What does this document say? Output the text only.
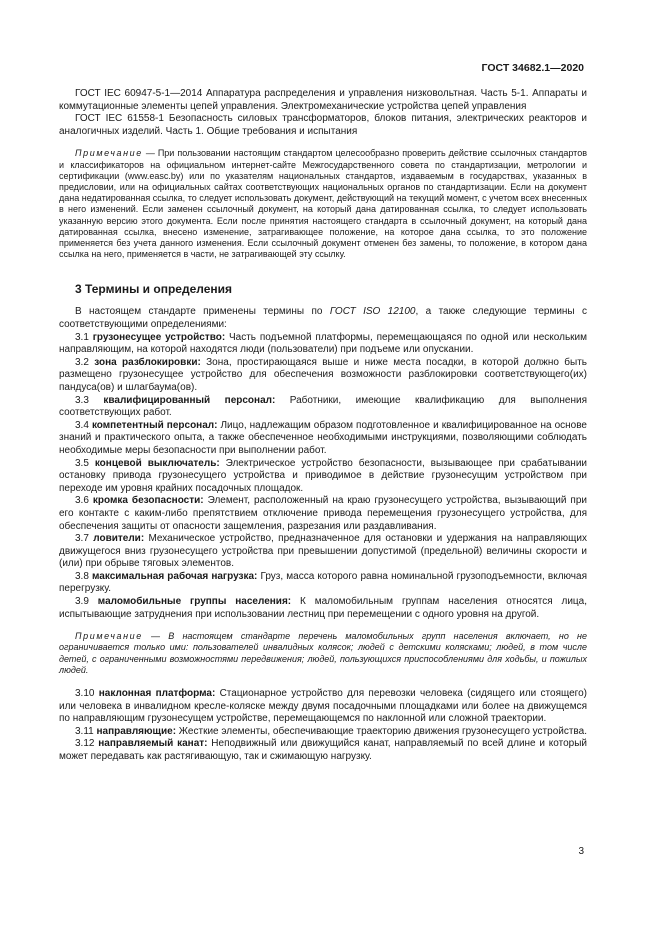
ГОСТ 34682.1—2020

ГОСТ IEC 60947-5-1—2014 Аппаратура распределения и управления низковольтная. Часть 5-1. Аппараты и коммутационные элементы цепей управления. Электромеханические устройства цепей управления

ГОСТ IEC 61558-1 Безопасность силовых трансформаторов, блоков питания, электрических реакторов и аналогичных изделий. Часть 1. Общие требования и испытания

Примечание — При пользовании настоящим стандартом целесообразно проверить действие ссылочных стандартов и классификаторов на официальном интернет-сайте Межгосударственного совета по стандартизации, метрологии и сертификации (www.easc.by) или по указателям национальных стандартов, издаваемым в государствах, указанных в предисловии, или на официальных сайтах соответствующих национальных органов по стандартизации. Если на документ дана недатированная ссылка, то следует использовать документ, действующий на текущий момент, с учетом всех внесенных в него изменений. Если заменен ссылочный документ, на который дана датированная ссылка, то следует использовать указанную версию этого документа. Если после принятия настоящего стандарта в ссылочный документ, на который дана датированная ссылка, внесено изменение, затрагивающее положение, на которое дана ссылка, то это положение применяется без учета данного изменения. Если ссылочный документ отменен без замены, то положение, в котором дана ссылка на него, применяется в части, не затрагивающей эту ссылку.

3 Термины и определения

В настоящем стандарте применены термины по ГОСТ ISO 12100, а также следующие термины с соответствующими определениями:

3.1 грузонесущее устройство: Часть подъемной платформы, перемещающаяся по одной или нескольким направляющим, на которой находятся люди (пользователи) при подъеме или опускании.

3.2 зона разблокировки: Зона, простирающаяся выше и ниже места посадки, в которой должно быть размещено грузонесущее устройство для обеспечения возможности разблокировки соответствующего(их) пандуса(ов) и шлагбаума(ов).

3.3 квалифицированный персонал: Работники, имеющие квалификацию для выполнения соответствующих работ.

3.4 компетентный персонал: Лицо, надлежащим образом подготовленное и квалифицированное на основе знаний и практического опыта, а также обеспеченное необходимыми инструкциями, позволяющими соблюдать необходимые меры безопасности при выполнении работ.

3.5 концевой выключатель: Электрическое устройство безопасности, вызывающее при срабатывании остановку привода грузонесущего устройства и приводимое в действие грузонесущим устройством при переходе им уровня крайних посадочных площадок.

3.6 кромка безопасности: Элемент, расположенный на краю грузонесущего устройства, вызывающий при его контакте с каким-либо препятствием отключение привода перемещения грузонесущего устройства, для обеспечения защиты от опасности защемления, разрезания или раздавливания.

3.7 ловители: Механическое устройство, предназначенное для остановки и удержания на направляющих движущегося вниз грузонесущего устройства при превышении допустимой (предельной) величины скорости и (или) при обрыве тяговых элементов.

3.8 максимальная рабочая нагрузка: Груз, масса которого равна номинальной грузоподъемности, включая перегрузку.

3.9 маломобильные группы населения: К маломобильным группам населения относятся лица, испытывающие затруднения при использовании лестниц при перемещении с одного уровня на другой.

Примечание — В настоящем стандарте перечень маломобильных групп населения включает, но не ограничивается только ими: пользователей инвалидных колясок; людей с детскими колясками; людей, в том числе детей, с ограниченными возможностями передвижения; людей, пользующихся приспособлениями для ходьбы, и пожилых людей.

3.10 наклонная платформа: Стационарное устройство для перевозки человека (сидящего или стоящего) или человека в инвалидном кресле-коляске между двумя посадочными площадками или более на движущемся по направляющим грузонесущем устройстве, перемещающемся по наклонной или сложной траектории.

3.11 направляющие: Жесткие элементы, обеспечивающие траекторию движения грузонесущего устройства.

3.12 направляемый канат: Неподвижный или движущийся канат, направляемый по всей длине и который может передавать как растягивающую, так и сжимающую нагрузку.

3
